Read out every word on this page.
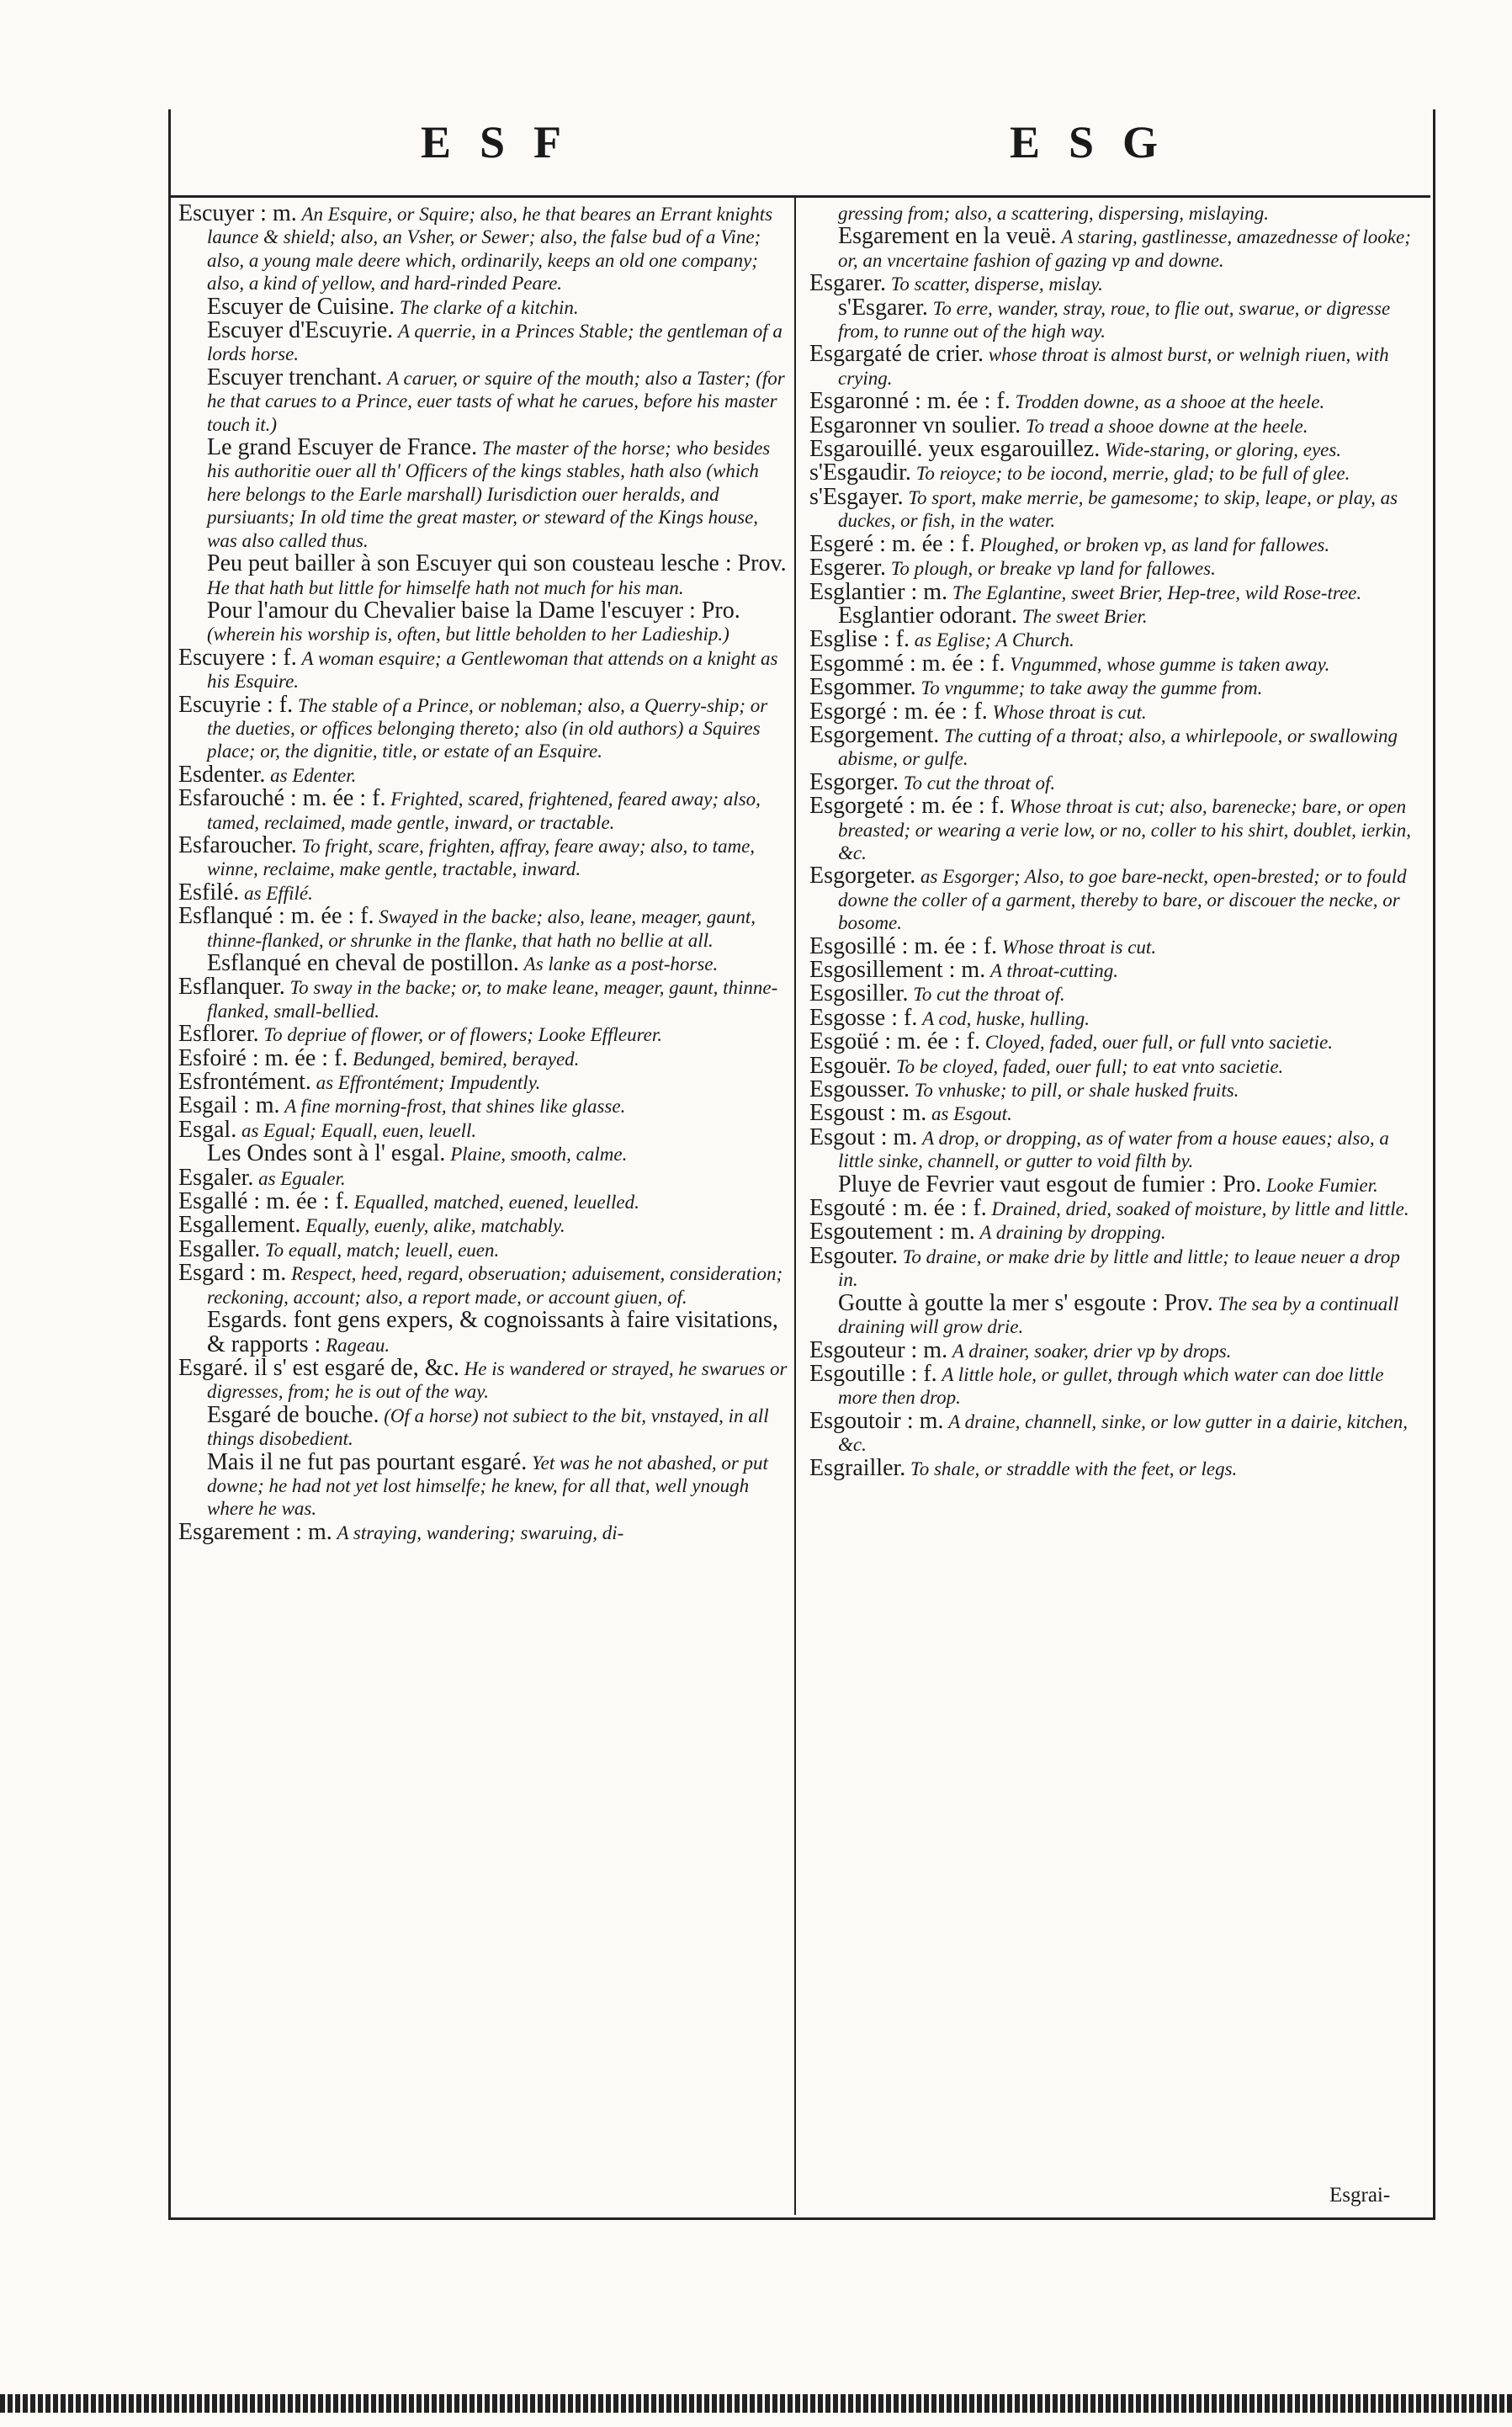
ESF	ESG

Escuyer : m. An Esquire, or Squire; also, he that beares an Errant knights launce & shield; also, an Vsher, or Sewer; also, the false bud of a Vine; also, a young male deere which, ordinarily, keeps an old one company; also, a kind of yellow, and hard-rinded Peare.

Escuyer de Cuisine. The clarke of a kitchin.

Escuyer d'Escuyrie. A querrie, in a Princes Stable; the gentleman of a lords horse.

Escuyer trenchant. A caruer, or squire of the mouth; also a Taster; (for he that carues to a Prince, euer tasts of what he carues, before his master touch it.)

Le grand Escuyer de France. The master of the horse; who besides his authoritie ouer all th' Officers of the kings stables, hath also (which here belongs to the Earle marshall) Iurisdiction ouer heralds, and pursiuants; In old time the great master, or steward of the Kings house, was also called thus.

Peu peut bailler à son Escuyer qui son cousteau lesche : Prov. He that hath but little for himselfe hath not much for his man.

Pour l'amour du Chevalier baise la Dame l'escuyer : Pro. (wherein his worship is, often, but little beholden to her Ladieship.)

Escuyere : f. A woman esquire; a Gentlewoman that attends on a knight as his Esquire.

Escuyrie : f. The stable of a Prince, or nobleman; also, a Querry-ship; or the dueties, or offices belonging thereto; also (in old authors) a Squires place; or, the dignitie, title, or estate of an Esquire.

Esdenter. as Edenter.

Esfarouché : m. ée : f. Frighted, scared, frightened, feared away; also, tamed, reclaimed, made gentle, inward, or tractable.

Esfaroucher. To fright, scare, frighten, affray, feare away; also, to tame, winne, reclaime, make gentle, tractable, inward.

Esfilé. as Effilé.

Esflanqué : m. ée : f. Swayed in the backe; also, leane, meager, gaunt, thinne-flanked, or shrunke in the flanke, that hath no bellie at all.

Esflanqué en cheval de postillon. As lanke as a post-horse.

Esflanquer. To sway in the backe; or, to make leane, meager, gaunt, thinne-flanked, small-bellied.

Esflorer. To depriue of flower, or of flowers; Looke Effleurer.

Esfoiré : m. ée : f. Bedunged, bemired, berayed.

Esfrontément. as Effrontément; Impudently.

Esgail : m. A fine morning-frost, that shines like glasse.

Esgal. as Egual; Equall, euen, leuell.

Les Ondes sont à l' esgal. Plaine, smooth, calme.

Esgaler. as Egualer.

Esgallé : m. ée : f. Equalled, matched, euened, leuelled.

Esgallement. Equally, euenly, alike, matchably.

Esgaller. To equall, match; leuell, euen.

Esgard : m. Respect, heed, regard, obseruation; aduisement, consideration; reckoning, account; also, a report made, or account giuen, of.

Esgards. font gens expers, & cognoissants à faire visitations, & rapports : Rageau.

Esgaré. il s' est esgaré de, &c. He is wandered or strayed, he swarues or digresses, from; he is out of the way.

Esgaré de bouche. (Of a horse) not subiect to the bit, vnstayed, in all things disobedient.

Mais il ne fut pas pourtant esgaré. Yet was he not abashed, or put downe; he had not yet lost himselfe; he knew, for all that, well ynough where he was.

Esgarement : m. A straying, wandering; swaruing, di-

gressing from; also, a scattering, dispersing, mislaying.

Esgarement en la veuë. A staring, gastlinesse, amazednesse of looke; or, an vncertaine fashion of gazing vp and downe.

Esgarer. To scatter, disperse, mislay.

s'Esgarer. To erre, wander, stray, roue, to flie out, swarue, or digresse from, to runne out of the high way.

Esgargaté de crier. whose throat is almost burst, or welnigh riuen, with crying.

Esgaronné : m. ée : f. Trodden downe, as a shooe at the heele.

Esgaronner vn soulier. To tread a shooe downe at the heele.

Esgarouillé. yeux esgarouillez. Wide-staring, or gloring, eyes.

s'Esgaudir. To reioyce; to be iocond, merrie, glad; to be full of glee.

s'Esgayer. To sport, make merrie, be gamesome; to skip, leape, or play, as duckes, or fish, in the water.

Esgeré : m. ée : f. Ploughed, or broken vp, as land for fallowes.

Esgerer. To plough, or breake vp land for fallowes.

Esglantier : m. The Eglantine, sweet Brier, Hep-tree, wild Rose-tree.

Esglantier odorant. The sweet Brier.

Esglise : f. as Eglise; A Church.

Esgommé : m. ée : f. Vngummed, whose gumme is taken away.

Esgommer. To vngumme; to take away the gumme from.

Esgorgé : m. ée : f. Whose throat is cut.

Esgorgement. The cutting of a throat; also, a whirlepoole, or swallowing abisme, or gulfe.

Esgorger. To cut the throat of.

Esgorgeté : m. ée : f. Whose throat is cut; also, barenecke; bare, or open breasted; or wearing a verie low, or no, coller to his shirt, doublet, ierkin, &c.

Esgorgeter. as Esgorger; Also, to goe bare-neckt, open-brested; or to fould downe the coller of a garment, thereby to bare, or discouer the necke, or bosome.

Esgosillé : m. ée : f. Whose throat is cut.

Esgosillement : m. A throat-cutting.

Esgosiller. To cut the throat of.

Esgosse : f. A cod, huske, hulling.

Esgoüé : m. ée : f. Cloyed, faded, ouer full, or full vnto sacietie.

Esgouër. To be cloyed, faded, ouer full; to eat vnto sacietie.

Esgousser. To vnhuske; to pill, or shale husked fruits.

Esgoust : m. as Esgout.

Esgout : m. A drop, or dropping, as of water from a house eaues; also, a little sinke, channell, or gutter to void filth by.

Pluye de Fevrier vaut esgout de fumier : Pro. Looke Fumier.

Esgouté : m. ée : f. Drained, dried, soaked of moisture, by little and little.

Esgoutement : m. A draining by dropping.

Esgouter. To draine, or make drie by little and little; to leaue neuer a drop in.

Goutte à goutte la mer s' esgoute : Prov. The sea by a continuall draining will grow drie.

Esgouteur : m. A drainer, soaker, drier vp by drops.

Esgoutille : f. A little hole, or gullet, through which water can doe little more then drop.

Esgoutoir : m. A draine, channell, sinke, or low gutter in a dairie, kitchen, &c.

Esgrailler. To shale, or straddle with the feet, or legs.

Esgrai-
